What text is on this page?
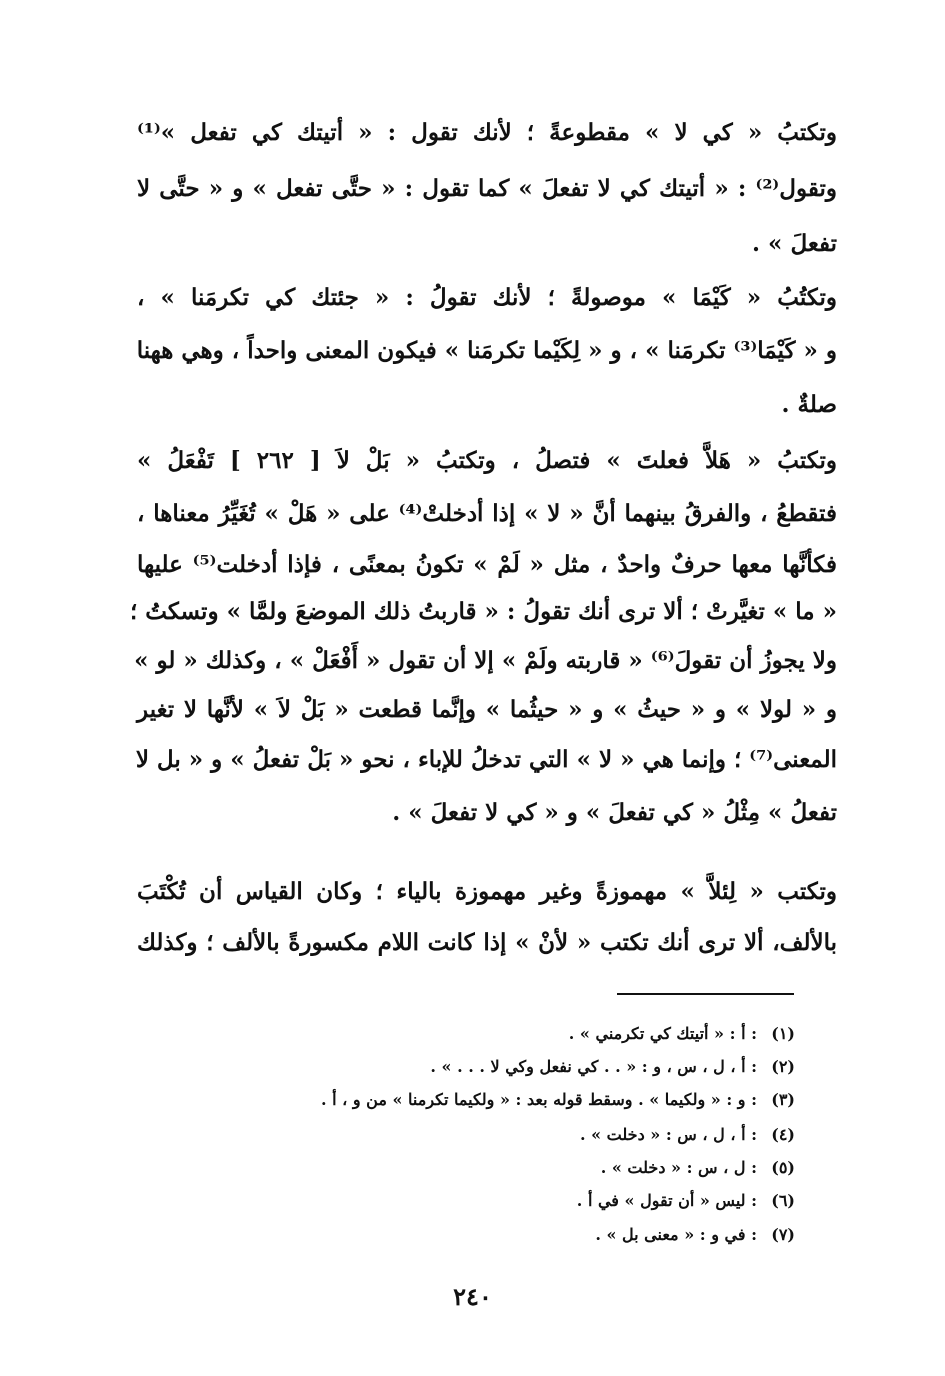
وتكتبُ « كي لا » مقطوعةً ؛ لأنك تقول : « أتيتك كي تفعل »⁽¹⁾
وتقول⁽²⁾ : « أتيتك كي لا تفعلَ » كما تقول : « حتَّى تفعل » و « حتَّى لا
تفعلَ » .
وتكتُبُ « كَيْمَا » موصولةً ؛ لأنك تقولُ : « جئتك كي تكرمَنا » ،
و « كَيْمَا⁽³⁾ تكرمَنا » ، و « لِكَيْما تكرمَنا » فيكون المعنى واحداً ، وهي ههنا
صلةٌ .
وتكتبُ « هَلاَّ فعلتَ » فتصلُ ، وتكتبُ « بَلْ لاَ [ ٢٦٢ ] تَفْعَلُ »
فتقطعُ ، والفرقُ بينهما أنَّ « لا » إذا أدخلتْ⁽⁴⁾ على « هَلْ » تُغَيِّرُ معناها ،
فكأنَّها معها حرفٌ واحدٌ ، مثل « لَمْ » تكونُ بمعنًى ، فإذا أدخلت⁽⁵⁾ عليها
« ما » تغيَّرتْ ؛ ألا ترى أنك تقولُ : « قاربتُ ذلك الموضعَ ولمَّا » وتسكتُ ؛
ولا يجوزُ أن تقولَ⁽⁶⁾ « قاربته ولَمْ » إلا أن تقول « أَفْعَلْ » ، وكذلك « لو »
و « لولا » و « حيثُ » و « حيثُما » وإنَّما قطعت « بَلْ لاَ » لأنَّها لا تغير
المعنى⁽⁷⁾ ؛ وإنما هي « لا » التي تدخلُ للإباء ، نحو « بَلْ تفعلُ » و « بل لا
تفعلُ » مِثْلُ « كي تفعلَ » و « كي لا تفعلَ » .
وتكتب « لِئلاَّ » مهموزةً وغير مهموزة بالياء ؛ وكان القياس أن تُكْتَبَ
بالألف، ألا ترى أنك تكتب « لأنْ » إذا كانت اللام مكسورةً بالألف ؛ وكذلك
(١): أ : « أتيتك كي تكرمني » .
(٢): أ ، ل ، س ، و : « . . كي نفعل وكي لا . . . » .
(٣): و : « ولكيما » . وسقط قوله بعد : « ولكيما تكرمنا » من و ، أ .
(٤): أ ، ل ، س : « دخلت » .
(٥): ل ، س : « دخلت » .
(٦): ليس « أن تقول » في أ .
(٧): في و : « معنى بل » .
٢٤٠
